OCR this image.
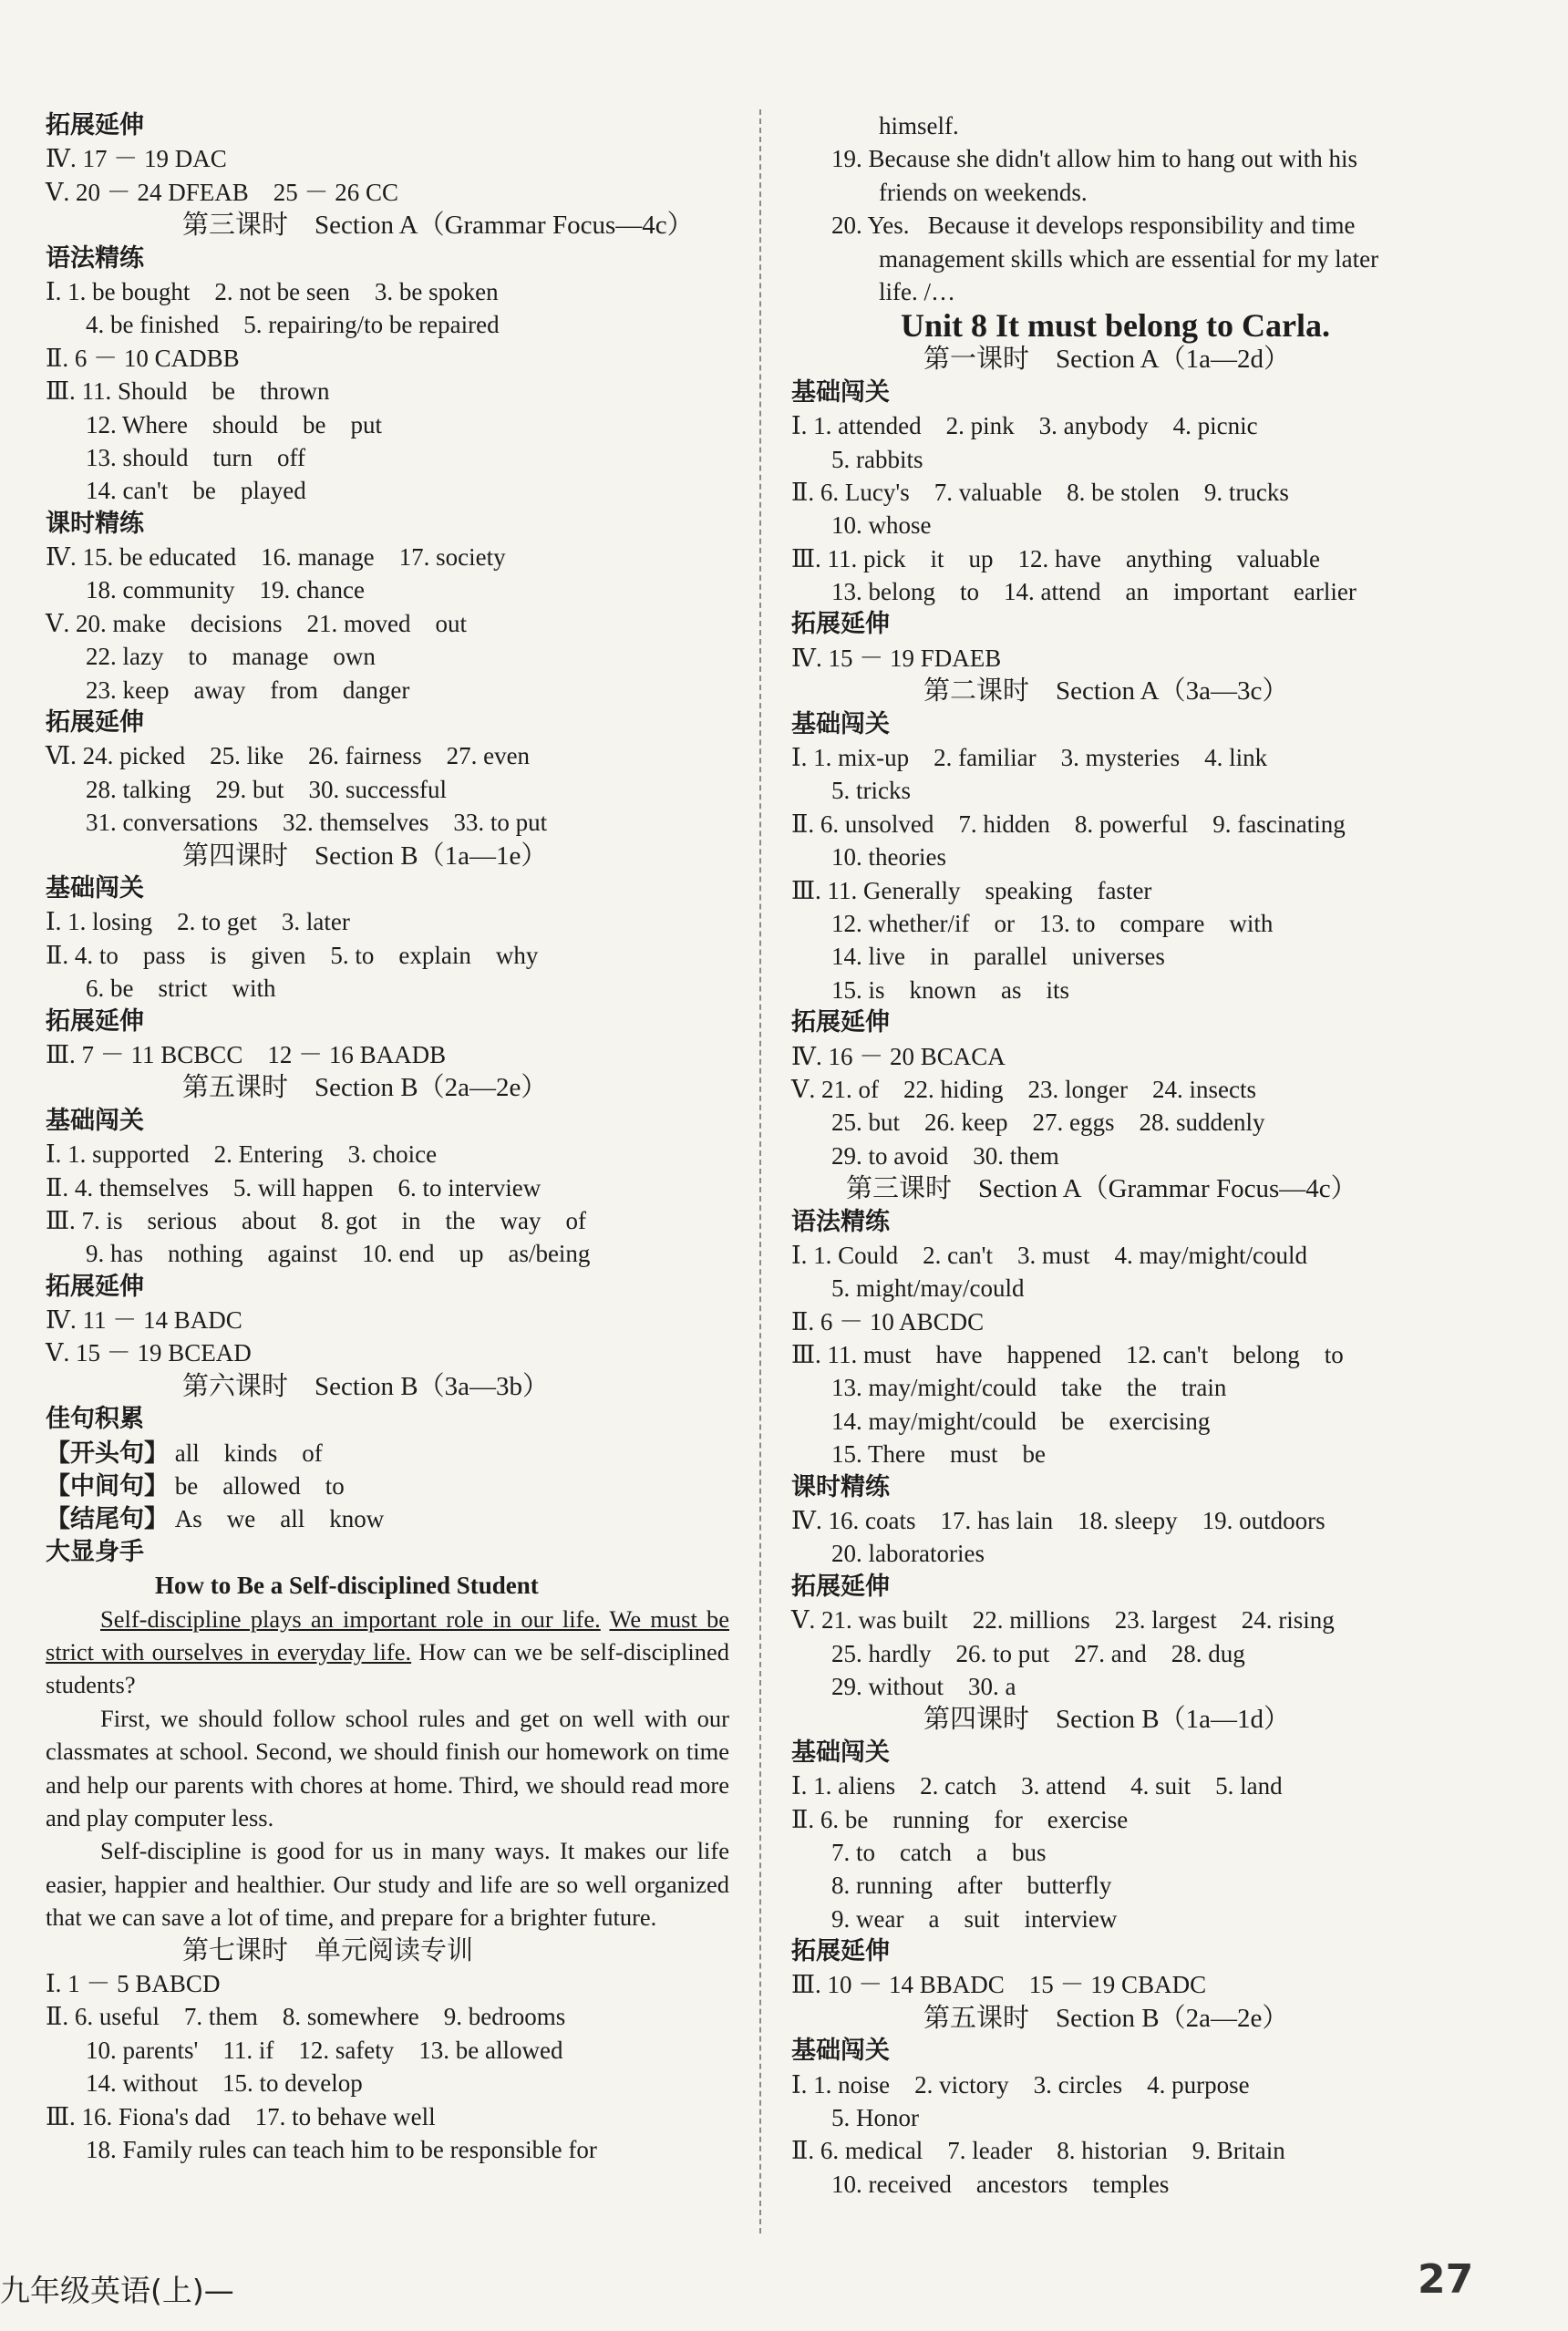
拓展延伸
Ⅳ. 17 － 19 DAC
Ⅴ. 20 － 24 DFEAB    25 － 26 CC
第三课时    Section A（Grammar Focus—4c）
语法精练
Ⅰ. 1. be bought    2. not be seen    3. be spoken
4. be finished    5. repairing/to be repaired
Ⅱ. 6 － 10 CADBB
Ⅲ. 11. Should    be    thrown
12. Where    should    be    put
13. should    turn    off
14. can't    be    played
课时精练
Ⅳ. 15. be educated    16. manage    17. society
18. community    19. chance
Ⅴ. 20. make    decisions    21. moved    out
22. lazy    to    manage    own
23. keep    away    from    danger
拓展延伸
Ⅵ. 24. picked    25. like    26. fairness    27. even
28. talking    29. but    30. successful
31. conversations    32. themselves    33. to put
第四课时    Section B（1a—1e）
基础闯关
Ⅰ. 1. losing    2. to get    3. later
Ⅱ. 4. to    pass    is    given    5. to    explain    why
6. be    strict    with
拓展延伸
Ⅲ. 7 － 11 BCBCC    12 － 16 BAADB
第五课时    Section B（2a—2e）
基础闯关
Ⅰ. 1. supported    2. Entering    3. choice
Ⅱ. 4. themselves    5. will happen    6. to interview
Ⅲ. 7. is    serious    about    8. got    in    the    way    of
9. has    nothing    against    10. end    up    as/being
拓展延伸
Ⅳ. 11 － 14 BADC
Ⅴ. 15 － 19 BCEAD
第六课时    Section B（3a—3b）
佳句积累
【开头句】 all    kinds    of
【中间句】 be    allowed    to
【结尾句】 As    we    all    know
大显身手
How to Be a Self-disciplined Student

Self-discipline plays an important role in our life. We must be strict with ourselves in everyday life. How can we be self-disciplined students?

First, we should follow school rules and get on well with our classmates at school. Second, we should finish our homework on time and help our parents with chores at home. Third, we should read more and play computer less.

Self-discipline is good for us in many ways. It makes our life easier, happier and healthier. Our study and life are so well organized that we can save a lot of time, and prepare for a brighter future.

第七课时    单元阅读专训
Ⅰ. 1 － 5 BABCD
Ⅱ. 6. useful    7. them    8. somewhere    9. bedrooms
10. parents'    11. if    12. safety    13. be allowed
14. without    15. to develop
Ⅲ. 16. Fiona's dad    17. to behave well
18. Family rules can teach him to be responsible for
himself.
19. Because she didn't allow him to hang out with his
friends on weekends.
20. Yes.   Because it develops responsibility and time
management skills which are essential for my later
life. /…
Unit 8 It must belong to Carla.
第一课时    Section A（1a—2d）
基础闯关
Ⅰ. 1. attended    2. pink    3. anybody    4. picnic
5. rabbits
Ⅱ. 6. Lucy's    7. valuable    8. be stolen    9. trucks
10. whose
Ⅲ. 11. pick    it    up    12. have    anything    valuable
13. belong    to    14. attend    an    important    earlier
拓展延伸
Ⅳ. 15 － 19 FDAEB
第二课时    Section A（3a—3c）
基础闯关
Ⅰ. 1. mix-up    2. familiar    3. mysteries    4. link
5. tricks
Ⅱ. 6. unsolved    7. hidden    8. powerful    9. fascinating
10. theories
Ⅲ. 11. Generally    speaking    faster
12. whether/if    or    13. to    compare    with
14. live    in    parallel    universes
15. is    known    as    its
拓展延伸
Ⅳ. 16 － 20 BCACA
Ⅴ. 21. of    22. hiding    23. longer    24. insects
25. but    26. keep    27. eggs    28. suddenly
29. to avoid    30. them
第三课时    Section A（Grammar Focus—4c）
语法精练
Ⅰ. 1. Could    2. can't    3. must    4. may/might/could
5. might/may/could
Ⅱ. 6 － 10 ABCDC
Ⅲ. 11. must    have    happened    12. can't    belong    to
13. may/might/could    take    the    train
14. may/might/could    be    exercising
15. There    must    be
课时精练
Ⅳ. 16. coats    17. has lain    18. sleepy    19. outdoors
20. laboratories
拓展延伸
Ⅴ. 21. was built    22. millions    23. largest    24. rising
25. hardly    26. to put    27. and    28. dug
29. without    30. a
第四课时    Section B（1a—1d）
基础闯关
Ⅰ. 1. aliens    2. catch    3. attend    4. suit    5. land
Ⅱ. 6. be    running    for    exercise
7. to    catch    a    bus
8. running    after    butterfly
9. wear    a    suit    interview
拓展延伸
Ⅲ. 10 － 14 BBADC    15 － 19 CBADC
第五课时    Section B（2a—2e）
基础闯关
Ⅰ. 1. noise    2. victory    3. circles    4. purpose
5. Honor
Ⅱ. 6. medical    7. leader    8. historian    9. Britain
10. received    ancestors    temples
九年级英语(上)—	27
